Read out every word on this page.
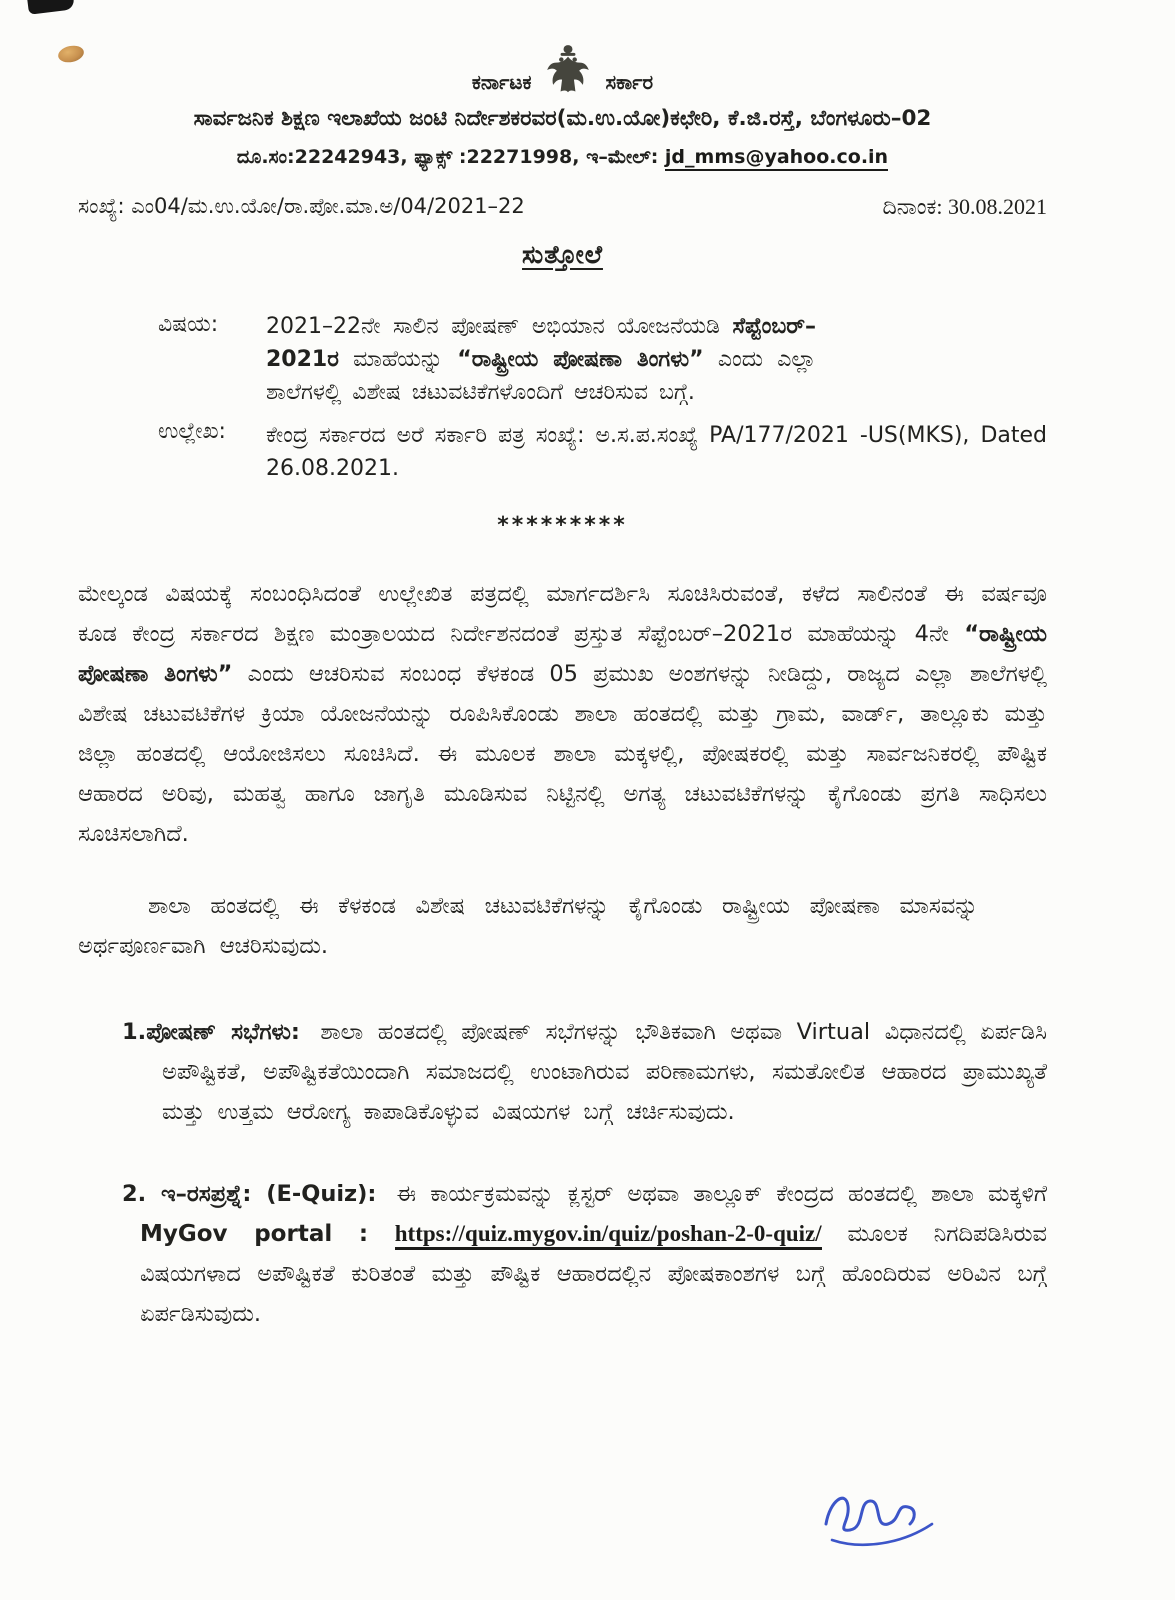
ಕರ್ನಾಟಕ	ಸರ್ಕಾರ
ಸಾರ್ವಜನಿಕ ಶಿಕ್ಷಣ ಇಲಾಖೆಯ ಜಂಟಿ ನಿರ್ದೇಶಕರವರ(ಮ.ಉ.ಯೋ)ಕಛೇರಿ, ಕೆ.ಜಿ.ರಸ್ತೆ, ಬೆಂಗಳೂರು–02
ದೂ.ಸಂ:22242943, ಫ್ಯಾಕ್ಸ್ :22271998, ಇ–ಮೇಲ್: jd_mms@yahoo.co.in
ಸಂಖ್ಯೆ: ಎಂ04/ಮ.ಉ.ಯೋ/ರಾ.ಪೋ.ಮಾ.ಅ/04/2021–22	ದಿನಾಂಕ: 30.08.2021
ಸುತ್ತೋಲೆ
ವಿಷಯ:	2021–22ನೇ ಸಾಲಿನ ಪೋಷಣ್ ಅಭಿಯಾನ ಯೋಜನೆಯಡಿ ಸೆಪ್ಟೆಂಬರ್– 2021ರ ಮಾಹೆಯನ್ನು “ರಾಷ್ಟ್ರೀಯ ಪೋಷಣಾ ತಿಂಗಳು” ಎಂದು ಎಲ್ಲಾ ಶಾಲೆಗಳಲ್ಲಿ ವಿಶೇಷ ಚಟುವಟಿಕೆಗಳೊಂದಿಗೆ ಆಚರಿಸುವ ಬಗ್ಗೆ.
ಉಲ್ಲೇಖ:	ಕೇಂದ್ರ ಸರ್ಕಾರದ ಅರೆ ಸರ್ಕಾರಿ ಪತ್ರ ಸಂಖ್ಯೆ: ಅ.ಸ.ಪ.ಸಂಖ್ಯೆ PA/177/2021 -US(MKS), Dated 26.08.2021.
*********

ಮೇಲ್ಕಂಡ ವಿಷಯಕ್ಕೆ ಸಂಬಂಧಿಸಿದಂತೆ ಉಲ್ಲೇಖಿತ ಪತ್ರದಲ್ಲಿ ಮಾರ್ಗದರ್ಶಿಸಿ ಸೂಚಿಸಿರುವಂತೆ, ಕಳೆದ ಸಾಲಿನಂತೆ ಈ ವರ್ಷವೂ ಕೂಡ ಕೇಂದ್ರ ಸರ್ಕಾರದ ಶಿಕ್ಷಣ ಮಂತ್ರಾಲಯದ ನಿರ್ದೇಶನದಂತೆ ಪ್ರಸ್ತುತ ಸೆಪ್ಟೆಂಬರ್–2021ರ ಮಾಹೆಯನ್ನು 4ನೇ “ರಾಷ್ಟ್ರೀಯ ಪೋಷಣಾ ತಿಂಗಳು” ಎಂದು ಆಚರಿಸುವ ಸಂಬಂಧ ಕೆಳಕಂಡ 05 ಪ್ರಮುಖ ಅಂಶಗಳನ್ನು ನೀಡಿದ್ದು, ರಾಜ್ಯದ ಎಲ್ಲಾ ಶಾಲೆಗಳಲ್ಲಿ ವಿಶೇಷ ಚಟುವಟಿಕೆಗಳ ಕ್ರಿಯಾ ಯೋಜನೆಯನ್ನು ರೂಪಿಸಿಕೊಂಡು ಶಾಲಾ ಹಂತದಲ್ಲಿ ಮತ್ತು ಗ್ರಾಮ, ವಾರ್ಡ್, ತಾಲ್ಲೂಕು ಮತ್ತು ಜಿಲ್ಲಾ ಹಂತದಲ್ಲಿ ಆಯೋಜಿಸಲು ಸೂಚಿಸಿದೆ. ಈ ಮೂಲಕ ಶಾಲಾ ಮಕ್ಕಳಲ್ಲಿ, ಪೋಷಕರಲ್ಲಿ ಮತ್ತು ಸಾರ್ವಜನಿಕರಲ್ಲಿ ಪೌಷ್ಟಿಕ ಆಹಾರದ ಅರಿವು, ಮಹತ್ವ ಹಾಗೂ ಜಾಗೃತಿ ಮೂಡಿಸುವ ನಿಟ್ಟಿನಲ್ಲಿ ಅಗತ್ಯ ಚಟುವಟಿಕೆಗಳನ್ನು ಕೈಗೊಂಡು ಪ್ರಗತಿ ಸಾಧಿಸಲು ಸೂಚಿಸಲಾಗಿದೆ.

ಶಾಲಾ ಹಂತದಲ್ಲಿ ಈ ಕೆಳಕಂಡ ವಿಶೇಷ ಚಟುವಟಿಕೆಗಳನ್ನು ಕೈಗೊಂಡು ರಾಷ್ಟ್ರೀಯ ಪೋಷಣಾ ಮಾಸವನ್ನು ಅರ್ಥಪೂರ್ಣವಾಗಿ ಆಚರಿಸುವುದು.

1.ಪೋಷಣ್ ಸಭೆಗಳು: ಶಾಲಾ ಹಂತದಲ್ಲಿ ಪೋಷಣ್ ಸಭೆಗಳನ್ನು ಭೌತಿಕವಾಗಿ ಅಥವಾ Virtual ವಿಧಾನದಲ್ಲಿ ಏರ್ಪಡಿಸಿ ಅಪೌಷ್ಟಿಕತೆ, ಅಪೌಷ್ಟಿಕತೆಯಿಂದಾಗಿ ಸಮಾಜದಲ್ಲಿ ಉಂಟಾಗಿರುವ ಪರಿಣಾಮಗಳು, ಸಮತೋಲಿತ ಆಹಾರದ ಪ್ರಾಮುಖ್ಯತೆ ಮತ್ತು ಉತ್ತಮ ಆರೋಗ್ಯ ಕಾಪಾಡಿಕೊಳ್ಳುವ ವಿಷಯಗಳ ಬಗ್ಗೆ ಚರ್ಚಿಸುವುದು.
2. ಇ–ರಸಪ್ರಶ್ನೆ: (E-Quiz): ಈ ಕಾರ್ಯಕ್ರಮವನ್ನು ಕ್ಲಸ್ಟರ್ ಅಥವಾ ತಾಲ್ಲೂಕ್ ಕೇಂದ್ರದ ಹಂತದಲ್ಲಿ ಶಾಲಾ ಮಕ್ಕಳಿಗೆ MyGov portal : https://quiz.mygov.in/quiz/poshan-2-0-quiz/ ಮೂಲಕ ನಿಗದಿಪಡಿಸಿರುವ ವಿಷಯಗಳಾದ ಅಪೌಷ್ಟಿಕತೆ ಕುರಿತಂತೆ ಮತ್ತು ಪೌಷ್ಟಿಕ ಆಹಾರದಲ್ಲಿನ ಪೋಷಕಾಂಶಗಳ ಬಗ್ಗೆ ಹೊಂದಿರುವ ಅರಿವಿನ ಬಗ್ಗೆ ಏರ್ಪಡಿಸುವುದು.
